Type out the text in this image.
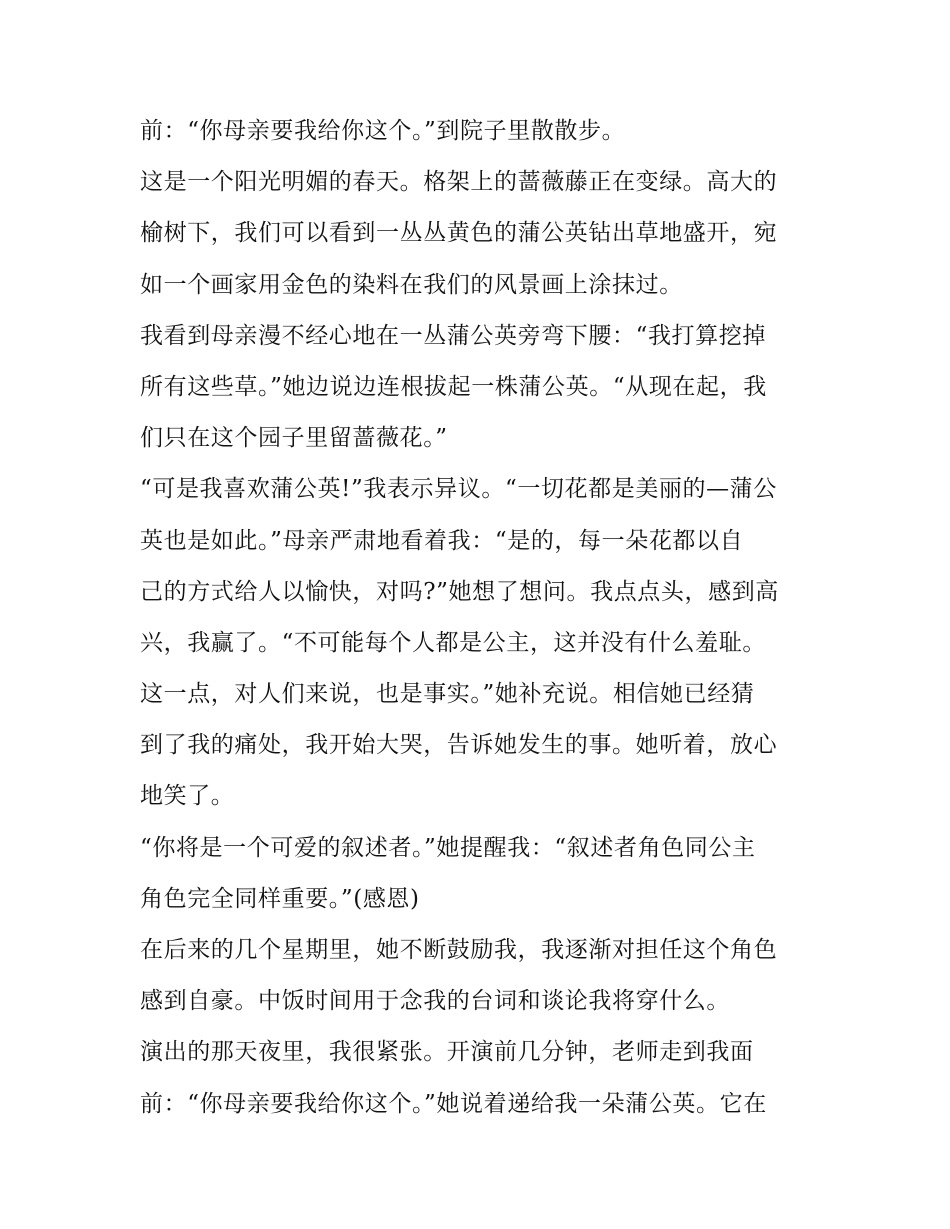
前：“你母亲要我给你这个。”到院子里散散步。
这是一个阳光明媚的春天。格架上的蔷薇藤正在变绿。高大的
榆树下，我们可以看到一丛丛黄色的蒲公英钻出草地盛开，宛
如一个画家用金色的染料在我们的风景画上涂抹过。
我看到母亲漫不经心地在一丛蒲公英旁弯下腰：“我打算挖掉
所有这些草。”她边说边连根拔起一株蒲公英。“从现在起，我
们只在这个园子里留蔷薇花。”
“可是我喜欢蒲公英!”我表示异议。“一切花都是美丽的—蒲公
英也是如此。”母亲严肃地看着我：“是的，每一朵花都以自
己的方式给人以愉快，对吗?”她想了想问。我点点头，感到高
兴，我赢了。“不可能每个人都是公主，这并没有什么羞耻。
这一点，对人们来说，也是事实。”她补充说。相信她已经猜
到了我的痛处，我开始大哭，告诉她发生的事。她听着，放心
地笑了。
“你将是一个可爱的叙述者。”她提醒我：“叙述者角色同公主
角色完全同样重要。”(感恩)
在后来的几个星期里，她不断鼓励我，我逐渐对担任这个角色
感到自豪。中饭时间用于念我的台词和谈论我将穿什么。
演出的那天夜里，我很紧张。开演前几分钟，老师走到我面
前：“你母亲要我给你这个。”她说着递给我一朵蒲公英。它在
